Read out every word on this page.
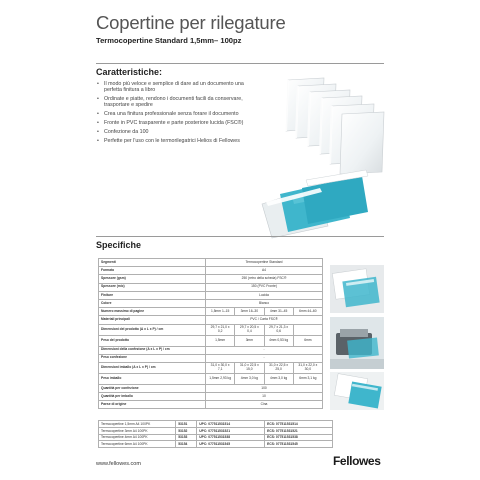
Copertine per rilegature
Termocopertine Standard 1,5mm– 100pz
Caratteristiche:
• Il modo più veloce e semplice di dare ad un documento una perfetta finitura a libro
• Ordinate e piatte, rendono i documenti facili da conservare, trasportare e spedire
• Crea una finitura professionale senza forare il documento
• Fronte in PVC trasparente e parte posteriore lucida (FSC®)
• Confezione da 100
• Perfette per l'uso con le termorilegatrici Helios di Fellowes
Specifiche
Segmenti	Termocopertine Standard			
Formato	A4			
Spessore (gsm)	250 (retro della scheda) FSC®			
Spessore (mic)	150 (PVC Fronte)			
Finiture	Lucida			
Colore	Bianco			
Numero massimo di pagine	1,5mm 1–15	3mm 16–30	4mm 31–45	6mm 44–60
Materiali principali	PVC / Carta FSC®			
Dimensioni del prodotto (A x L x P) / cm	29,7 x 21,0 x 0,2	29,7 x 20,5 x 0,4	29,7 x 21,3 x 0,6	
Peso del prodotto	1,5mm	3mm	4mm 0,53 kg	6mm
Dimensioni della confezione (A x L x P) / cm	-			
Peso confezione	-			
Dimensioni imballo (A x L x P) / cm	31,0 x 30,0 x 7,1	31,0 x 22,5 x 15,0	31,0 x 22,5 x 25,0	31,0 x 22,0 x 30,0
Peso imballo	1,5mm 2,93 kg	4mm 3,0 kg	4mm 3,0 kg	6mm 3,1 kg
Quantità per confezione	100			
Quantità per imballo	10			
Paese di origine	Cina			
Termocopertine 1,5mm A4 100PK	53151	UPC: 077511531514	ECS: 077511531514
Termocopertine 3mm A4 100PK	53152	UPC: 077511531521	ECS: 077511531521
Termocopertine 4mm A4 100PK	53153	UPC: 077511531538	ECS: 077511531538
Termocopertine 6mm A4 100PK	53154	UPC: 077511531545	ECS: 077511531545
www.fellowes.com	Fellowes
